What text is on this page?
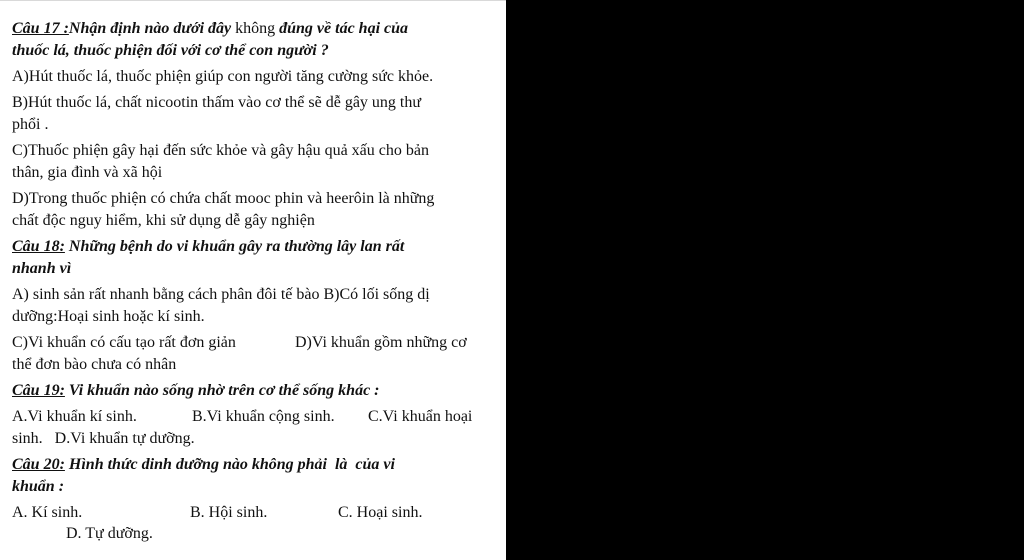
Câu 17 :Nhận định nào dưới đây không đúng về tác hại của
thuốc lá, thuốc phiện đối với cơ thể con người ?
A)Hút thuốc lá, thuốc phiện giúp con người tăng cường sức khỏe.
B)Hút thuốc lá, chất nicootin thấm vào cơ thể sẽ dễ gây ung thư
phổi .
C)Thuốc phiện gây hại đến sức khỏe và gây hậu quả xấu cho bản
thân, gia đình và xã hội
D)Trong thuốc phiện có chứa chất mooc phin và heerôin là những
chất độc nguy hiểm, khi sử dụng dễ gây nghiện
Câu 18: Những bệnh do vi khuẩn gây ra thường lây lan rất
nhanh vì
A) sinh sản rất nhanh bằng cách phân đôi tế bào B)Có lối sống dị
dưỡng:Hoại sinh hoặc kí sinh.
C)Vi khuẩn có cấu tạo rất đơn giản	D)Vi khuẩn gồm những cơ
thể đơn bào chưa có nhân
Câu 19: Vi khuẩn nào sống nhờ trên cơ thể sống khác :
A.Vi khuẩn kí sinh.	B.Vi khuẩn cộng sinh. C.Vi khuẩn hoại
sinh.   D.Vi khuẩn tự dưỡng.
Câu 20: Hình thức dinh dưỡng nào không phải  là  của vi
khuẩn :
A. Kí sinh.	B. Hội sinh.	C. Hoại sinh.
D. Tự dưỡng.
